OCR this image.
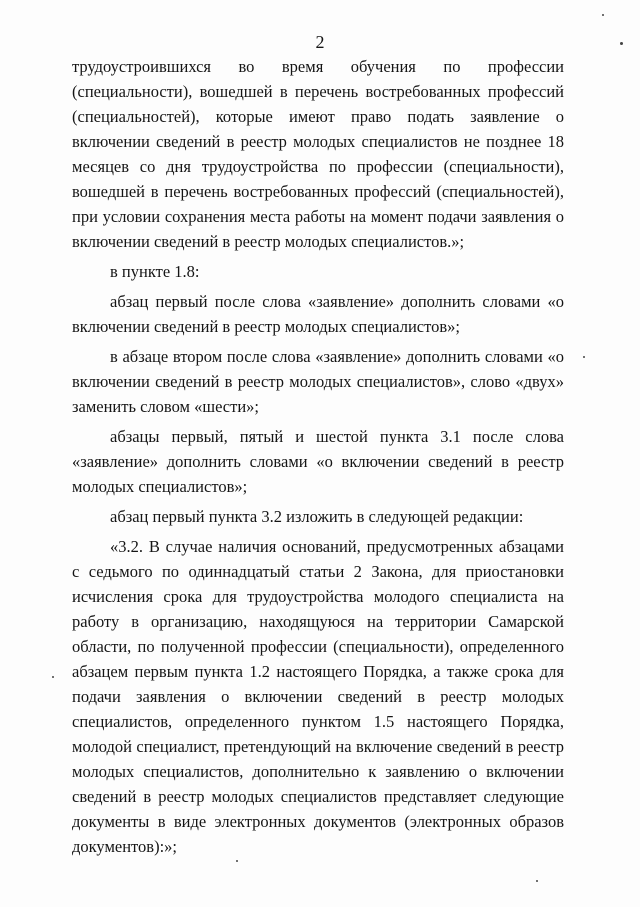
2

трудоустроившихся во время обучения по профессии (специальности), вошедшей в перечень востребованных профессий (специальностей), которые имеют право подать заявление о включении сведений в реестр молодых специалистов не позднее 18 месяцев со дня трудоустройства по профессии (специальности), вошедшей в перечень востребованных профессий (специальностей), при условии сохранения места работы на момент подачи заявления о включении сведений в реестр молодых специалистов.»;

в пункте 1.8:

абзац первый после слова «заявление» дополнить словами «о включении сведений в реестр молодых специалистов»;

в абзаце втором после слова «заявление» дополнить словами «о включении сведений в реестр молодых специалистов», слово «двух» заменить словом «шести»;

абзацы первый, пятый и шестой пункта 3.1 после слова «заявление» дополнить словами «о включении сведений в реестр молодых специалистов»;

абзац первый пункта 3.2 изложить в следующей редакции:

«3.2. В случае наличия оснований, предусмотренных абзацами с седьмого по одиннадцатый статьи 2 Закона, для приостановки исчисления срока для трудоустройства молодого специалиста на работу в организацию, находящуюся на территории Самарской области, по полученной профессии (специальности), определенного абзацем первым пункта 1.2 настоящего Порядка, а также срока для подачи заявления о включении сведений в реестр молодых специалистов, определенного пунктом 1.5 настоящего Порядка, молодой специалист, претендующий на включение сведений в реестр молодых специалистов, дополнительно к заявлению о включении сведений в реестр молодых специалистов представляет следующие документы в виде электронных документов (электронных образов документов):»;
